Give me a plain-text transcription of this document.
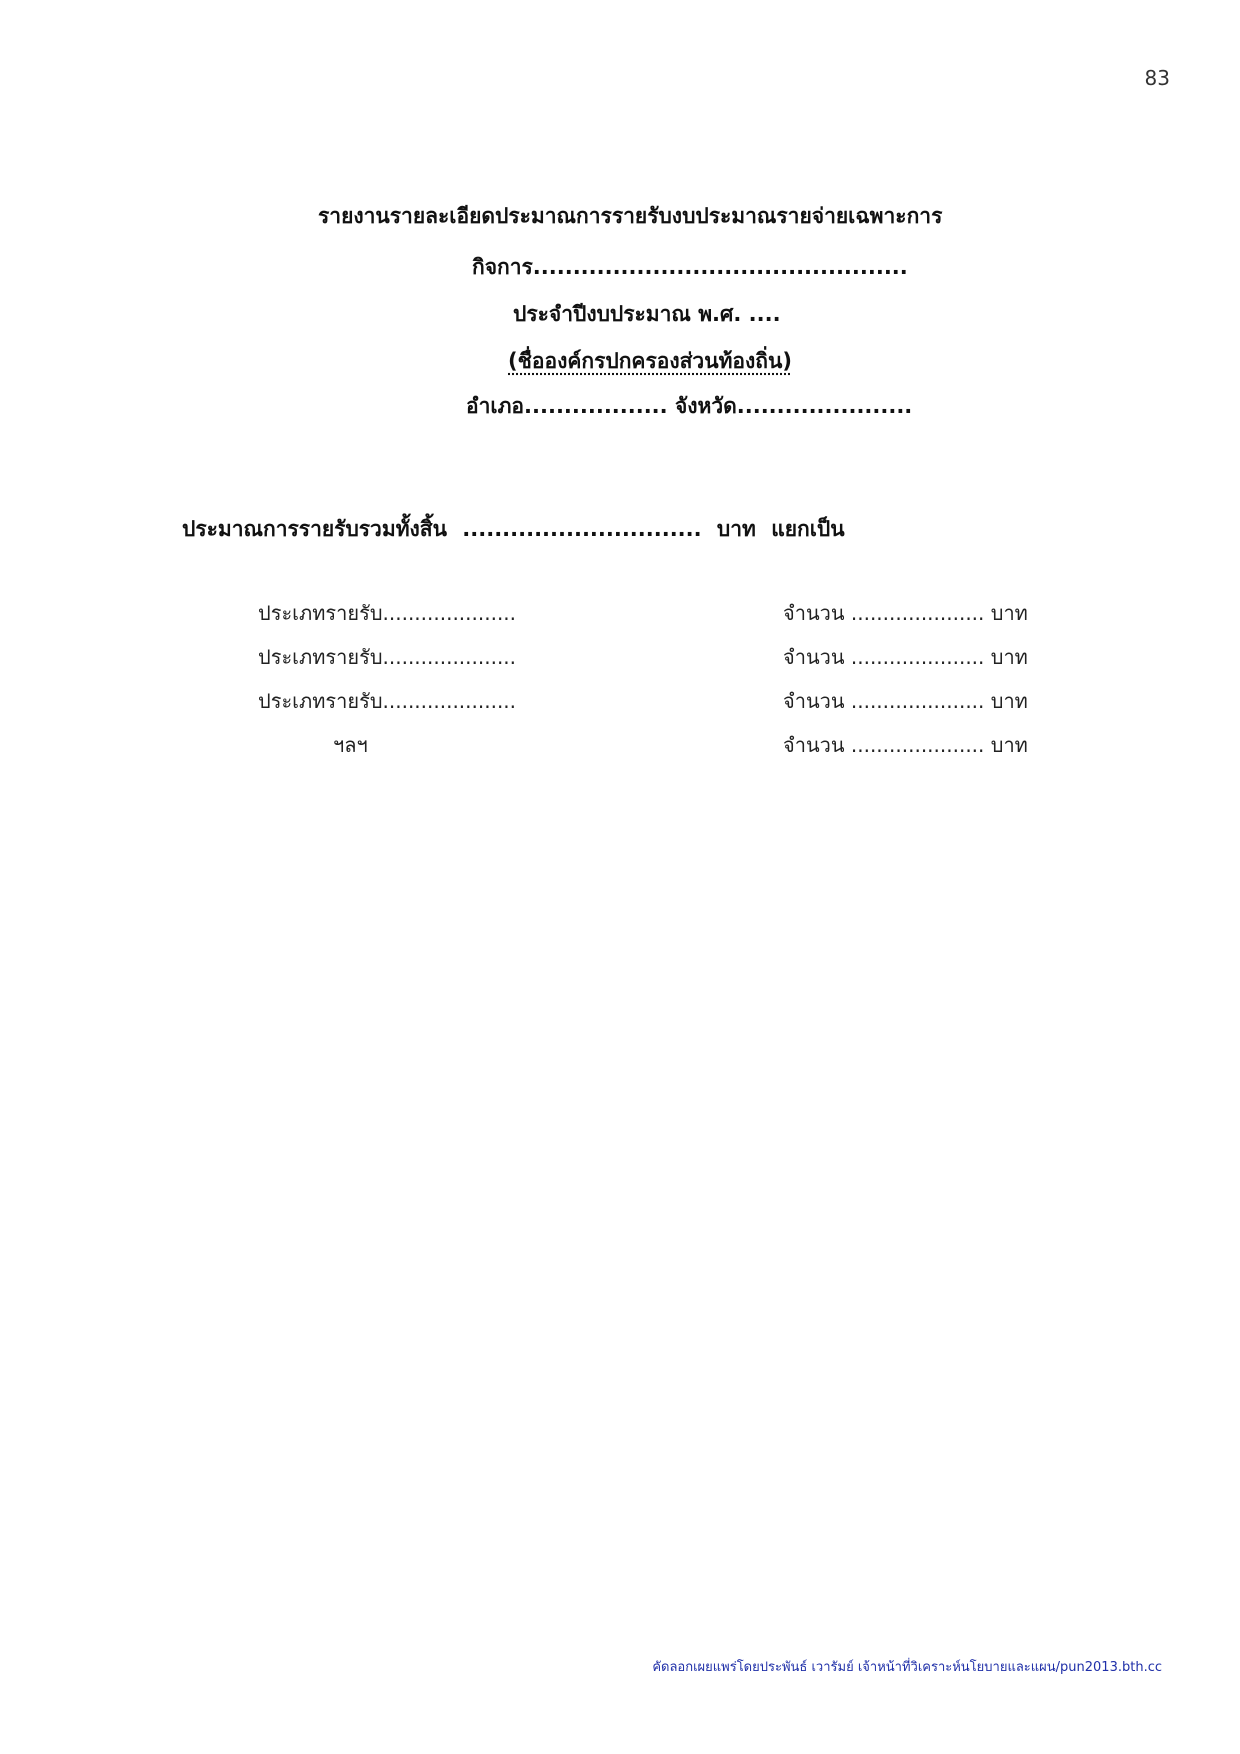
83
รายงานรายละเอียดประมาณการรายรับงบประมาณรายจ่ายเฉพาะการ
กิจการ...............................................
ประจำปีงบประมาณ พ.ศ. ....
(ชื่อองค์กรปกครองส่วนท้องถิ่น)
อำเภอ.................. จังหวัด......................
ประมาณการรายรับรวมทั้งสิ้น .............................. บาท แยกเป็น
ประเภทรายรับ.....................	จำนวน ..................... บาท
ประเภทรายรับ.....................	จำนวน ..................... บาท
ประเภทรายรับ.....................	จำนวน ..................... บาท
ฯลฯ	จำนวน ..................... บาท
คัดลอกเผยแพร่โดยประพันธ์ เวารัมย์ เจ้าหน้าที่วิเคราะห์นโยบายและแผน/pun2013.bth.cc
